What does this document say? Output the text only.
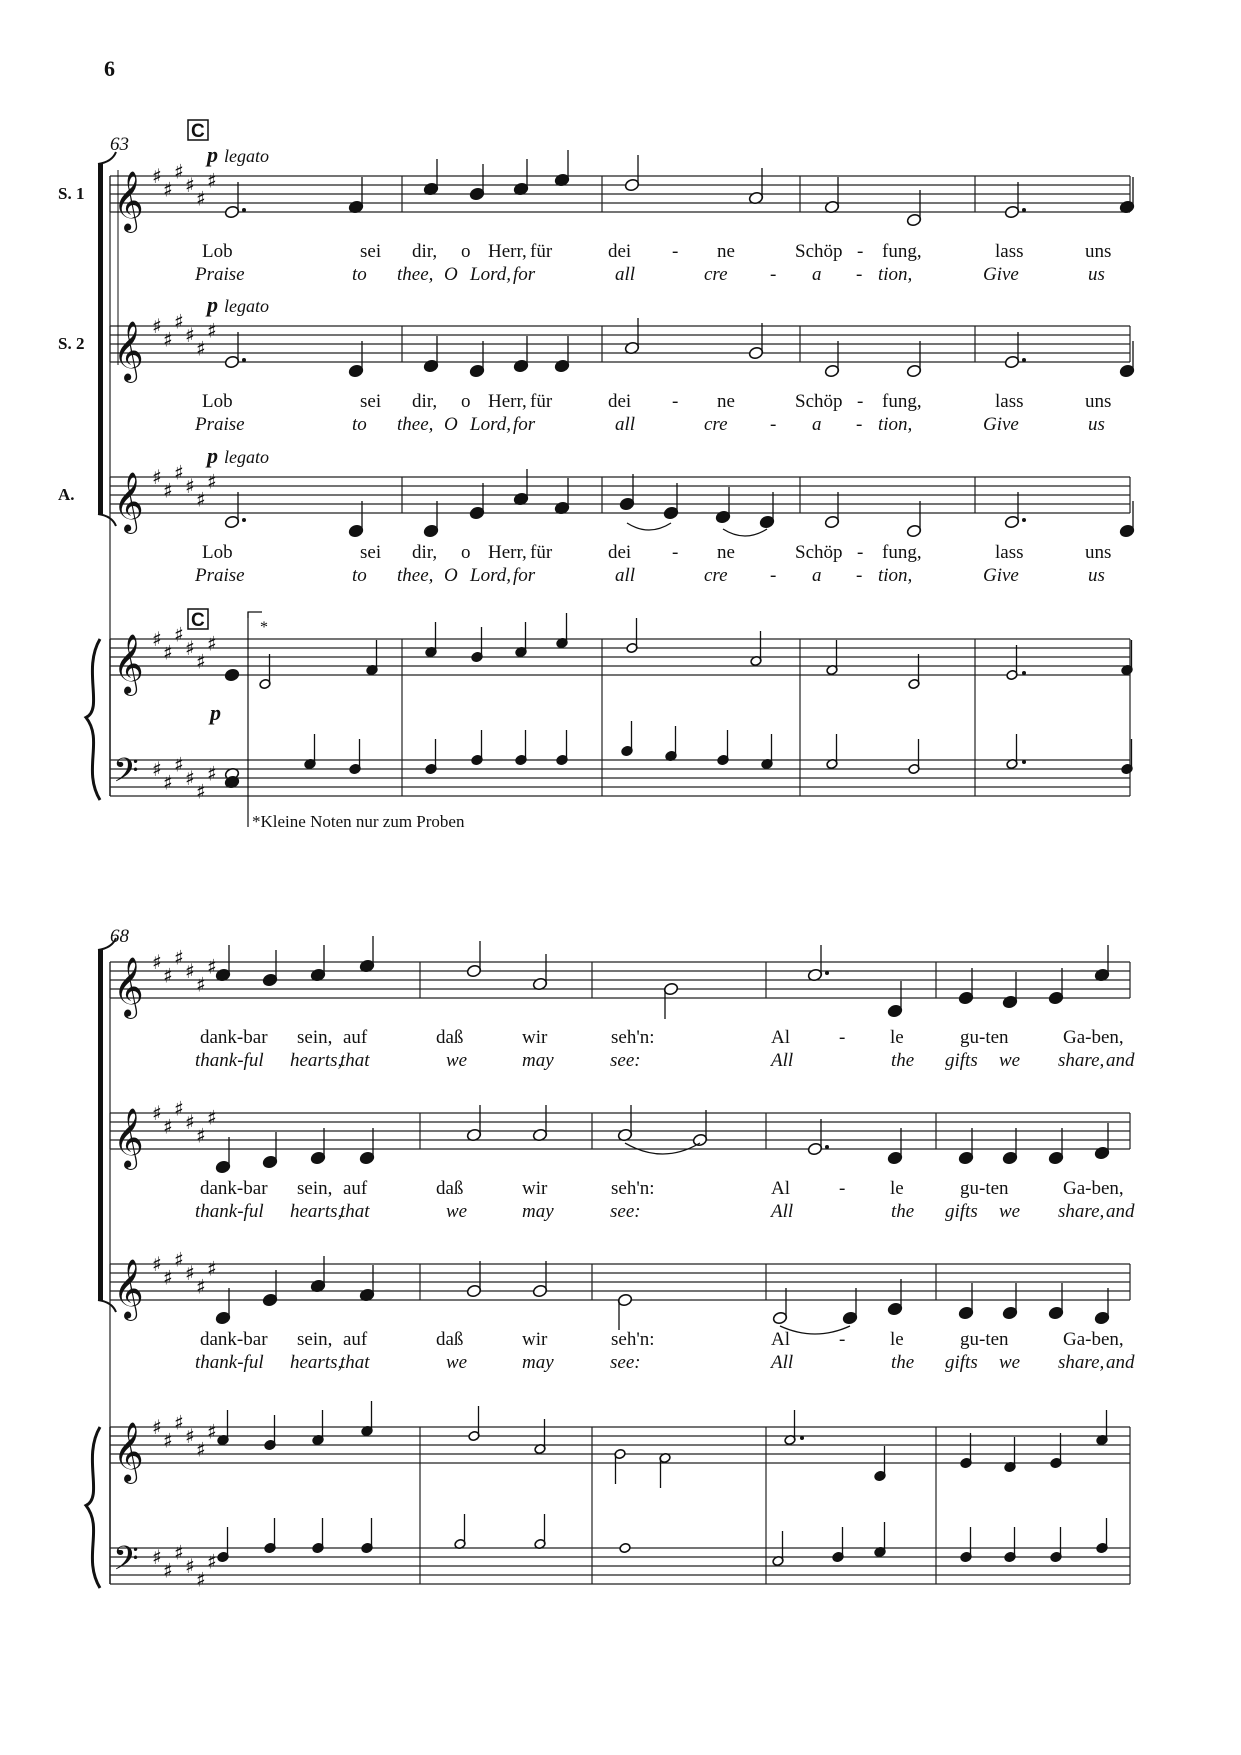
6
C
C
63
𝄞 ♯
♯
♯
♯
♯
♯
p legato
S. 1
𝄞 ♯
♯
♯
♯
♯
♯
p legato
S. 2
𝄞 ♯
♯
♯
♯
♯
♯
p legato
A.
Lob	sei dir, o Herr, für	dei - ne	Schöp - fung,	lass	uns
Praise	to thee, O Lord, for	all	cre - a - tion,	Give	us
Lob	sei dir, o Herr, für	dei - ne	Schöp - fung,	lass	uns
Praise	to thee, O Lord, for	all	cre - a - tion,	Give	us
Lob	sei dir, o Herr, für	dei - ne	Schöp - fung,	lass	uns
Praise	to thee, O Lord, for	all	cre - a - tion,	Give	us
𝄞
𝄢
♯
♯
♯
♯
♯
♯
♯
♯
♯
♯
♯
♯
p
*
68
𝄞 ♯
♯
♯
♯
♯
♯
dank-bar sein, auf	daß	wir	seh'n:	Al	- le	gu-ten	Ga-ben,
thank-ful hearts,
that	we	may	see:	All	the gifts we share, and
𝄞 ♯
♯
♯
♯
♯
♯
dank-bar sein, auf	daß	wir	seh'n:	Al	- le	gu-ten	Ga-ben,
thank-ful hearts,
that	we	may	see:	All	the gifts we share, and
𝄞 ♯
♯
♯
♯
♯
♯
dank-bar sein, auf	daß	wir	seh'n:	Al	- le	gu-ten	Ga-ben,
thank-ful hearts,
that	we	may	see:	All	the gifts we share, and
𝄞
𝄢
♯
♯
♯
♯
♯
♯
♯
♯
♯
♯
♯
♯
*Kleine Noten nur zum Proben
